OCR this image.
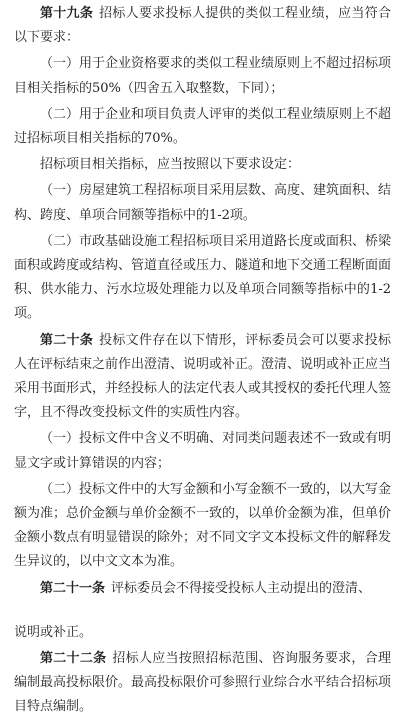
第十九条 招标人要求投标人提供的类似工程业绩，应当符合以下要求：
（一）用于企业资格要求的类似工程业绩原则上不超过招标项目相关指标的50%（四舍五入取整数，下同）；
（二）用于企业和项目负责人评审的类似工程业绩原则上不超过招标项目相关指标的70%。
招标项目相关指标，应当按照以下要求设定：
（一）房屋建筑工程招标项目采用层数、高度、建筑面积、结构、跨度、单项合同额等指标中的1-2项。
（二）市政基础设施工程招标项目采用道路长度或面积、桥梁面积或跨度或结构、管道直径或压力、隧道和地下交通工程断面面积、供水能力、污水垃圾处理能力以及单项合同额等指标中的1-2项。
第二十条 投标文件存在以下情形，评标委员会可以要求投标人在评标结束之前作出澄清、说明或补正。澄清、说明或补正应当采用书面形式，并经投标人的法定代表人或其授权的委托代理人签字，且不得改变投标文件的实质性内容。
（一）投标文件中含义不明确、对同类问题表述不一致或有明显文字或计算错误的内容；
（二）投标文件中的大写金额和小写金额不一致的，以大写金额为准；总价金额与单价金额不一致的，以单价金额为准，但单价金额小数点有明显错误的除外；对不同文字文本投标文件的解释发生异议的，以中文文本为准。
第二十一条 评标委员会不得接受投标人主动提出的澄清、
说明或补正。
第二十二条 招标人应当按照招标范围、咨询服务要求，合理编制最高投标限价。最高投标限价可参照行业综合水平结合招标项目特点编制。
